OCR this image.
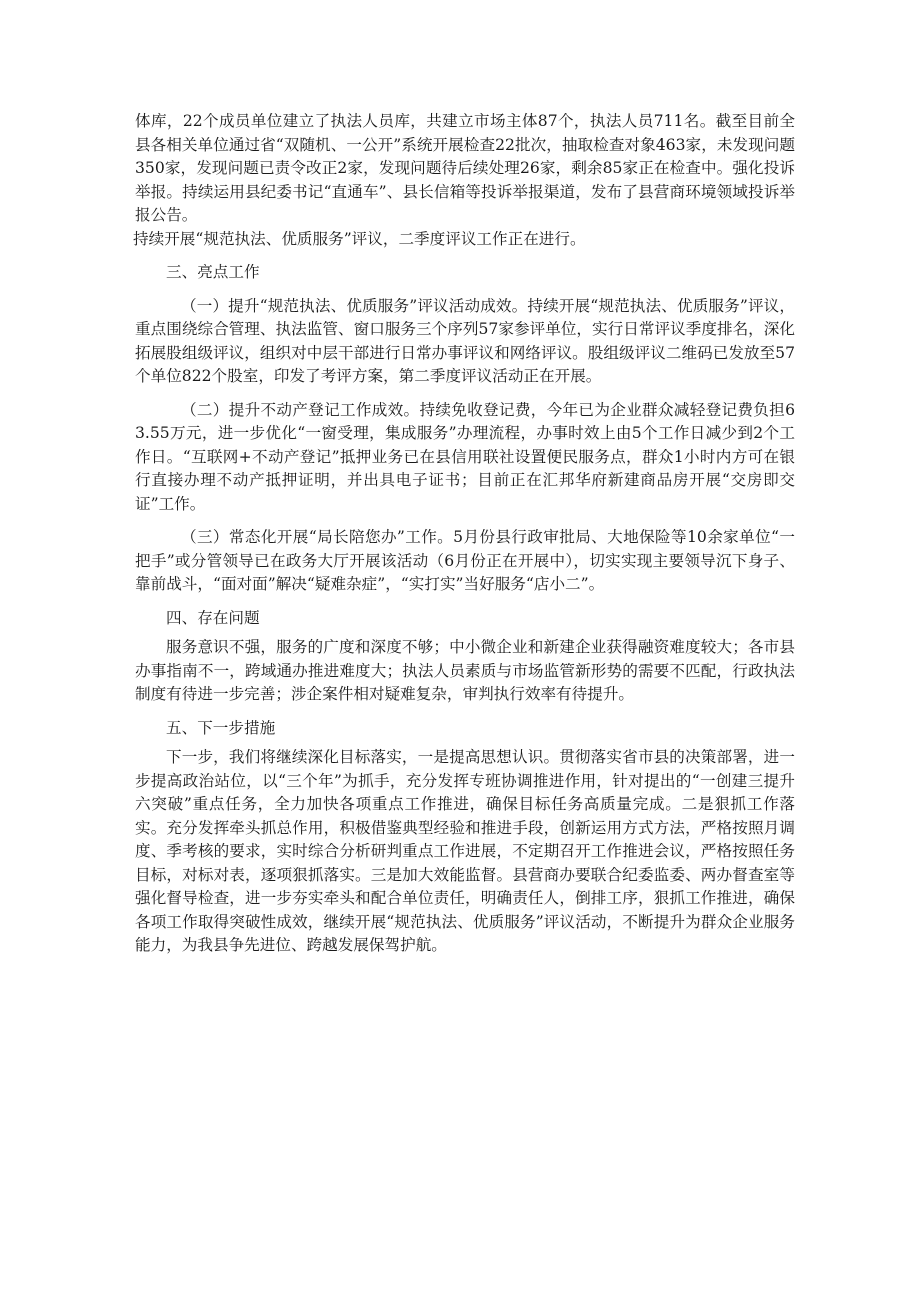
体库，22个成员单位建立了执法人员库，共建立市场主体87个，执法人员711名。截至目前全县各相关单位通过省“双随机、一公开”系统开展检查22批次，抽取检查对象463家，未发现问题350家，发现问题已责令改正2家，发现问题待后续处理26家，剩余85家正在检查中。强化投诉举报。持续运用县纪委书记“直通车”、县长信箱等投诉举报渠道，发布了县营商环境领域投诉举报公告。

持续开展“规范执法、优质服务”评议，二季度评议工作正在进行。

三、亮点工作

（一）提升“规范执法、优质服务”评议活动成效。持续开展“规范执法、优质服务”评议，重点围绕综合管理、执法监管、窗口服务三个序列57家参评单位，实行日常评议季度排名，深化拓展股组级评议，组织对中层干部进行日常办事评议和网络评议。股组级评议二维码已发放至57个单位822个股室，印发了考评方案，第二季度评议活动正在开展。

（二）提升不动产登记工作成效。持续免收登记费，今年已为企业群众减轻登记费负担63.55万元，进一步优化“一窗受理，集成服务”办理流程，办事时效上由5个工作日减少到2个工作日。“互联网+不动产登记”抵押业务已在县信用联社设置便民服务点，群众1小时内方可在银行直接办理不动产抵押证明，并出具电子证书；目前正在汇邦华府新建商品房开展“交房即交证”工作。

（三）常态化开展“局长陪您办”工作。5月份县行政审批局、大地保险等10余家单位“一把手”或分管领导已在政务大厅开展该活动（6月份正在开展中），切实实现主要领导沉下身子、靠前战斗，“面对面”解决“疑难杂症”，“实打实”当好服务“店小二”。

四、存在问题

服务意识不强，服务的广度和深度不够；中小微企业和新建企业获得融资难度较大；各市县办事指南不一，跨域通办推进难度大；执法人员素质与市场监管新形势的需要不匹配，行政执法制度有待进一步完善；涉企案件相对疑难复杂，审判执行效率有待提升。

五、下一步措施

下一步，我们将继续深化目标落实，一是提高思想认识。贯彻落实省市县的决策部署，进一步提高政治站位，以“三个年”为抓手，充分发挥专班协调推进作用，针对提出的“一创建三提升六突破”重点任务，全力加快各项重点工作推进，确保目标任务高质量完成。二是狠抓工作落实。充分发挥牵头抓总作用，积极借鉴典型经验和推进手段，创新运用方式方法，严格按照月调度、季考核的要求，实时综合分析研判重点工作进展，不定期召开工作推进会议，严格按照任务目标，对标对表，逐项狠抓落实。三是加大效能监督。县营商办要联合纪委监委、两办督查室等强化督导检查，进一步夯实牵头和配合单位责任，明确责任人，倒排工序，狠抓工作推进，确保各项工作取得突破性成效，继续开展“规范执法、优质服务”评议活动，不断提升为群众企业服务能力，为我县争先进位、跨越发展保驾护航。
